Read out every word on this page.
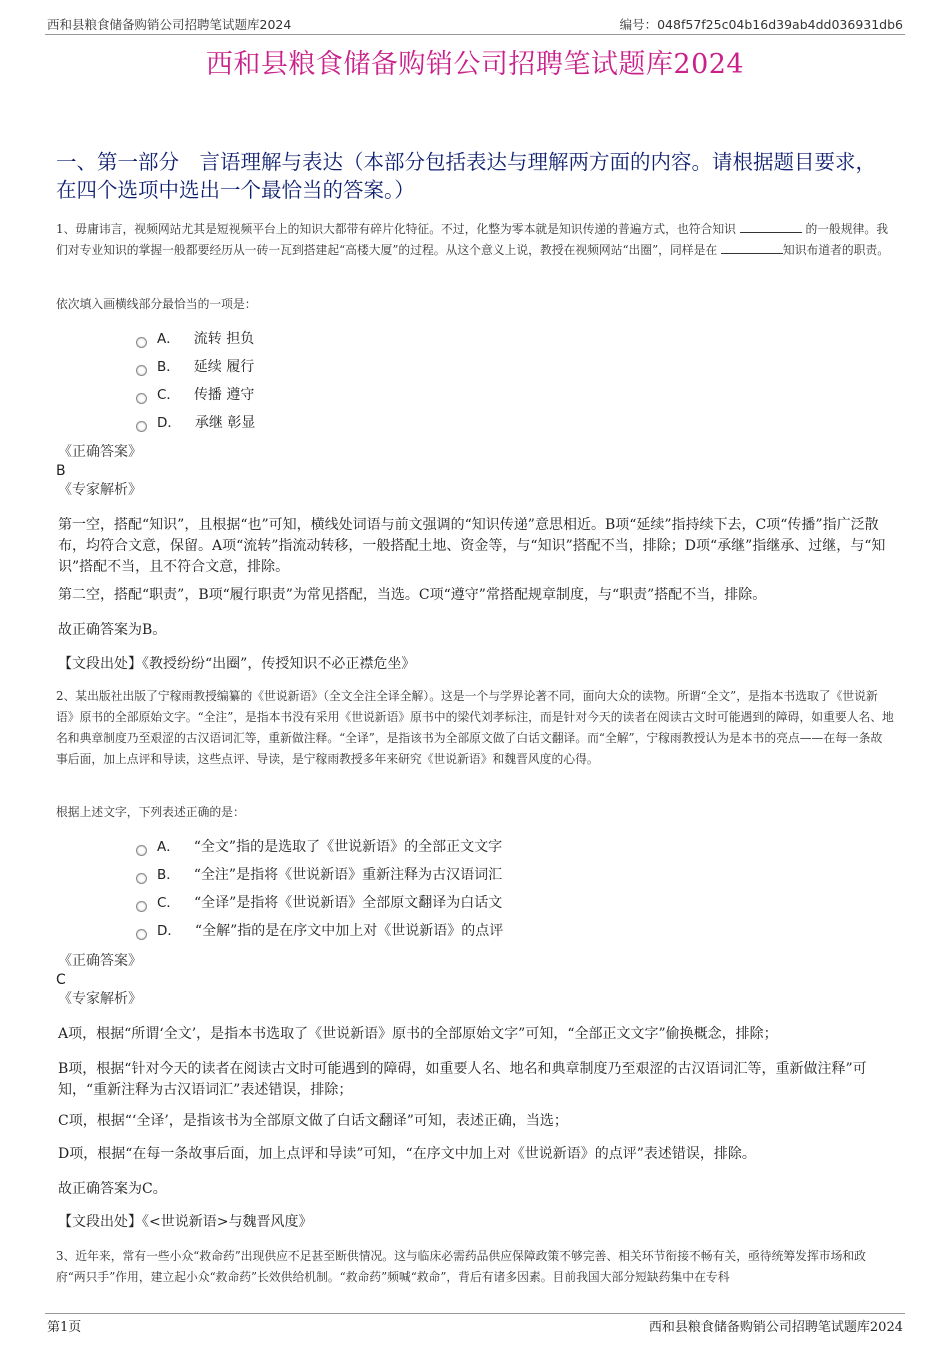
西和县粮食储备购销公司招聘笔试题库2024	编号：048f57f25c04b16d39ab4dd036931db6
西和县粮食储备购销公司招聘笔试题库2024
一、第一部分　言语理解与表达（本部分包括表达与理解两方面的内容。请根据题目要求，在四个选项中选出一个最恰当的答案。）

1、毋庸讳言，视频网站尤其是短视频平台上的知识大都带有碎片化特征。不过，化整为零本就是知识传递的普遍方式，也符合知识	的一般规律。我们对专业知识的掌握一般都要经历从一砖一瓦到搭建起“高楼大厦”的过程。从这个意义上说，教授在视频网站“出圈”，同样是在	知识布道者的职责。

依次填入画横线部分最恰当的一项是：

A． 流转 担负
B． 延续 履行
C． 传播 遵守
D． 承继 彰显

《正确答案》

B

《专家解析》

第一空，搭配“知识”，且根据“也”可知，横线处词语与前文强调的“知识传递”意思相近。B项“延续”指持续下去，C项“传播”指广泛散布，均符合文意，保留。A项“流转”指流动转移，一般搭配土地、资金等，与“知识”搭配不当，排除；D项“承继”指继承、过继，与“知识”搭配不当，且不符合文意，排除。

第二空，搭配“职责”，B项“履行职责”为常见搭配，当选。C项“遵守”常搭配规章制度，与“职责”搭配不当，排除。

故正确答案为B。

【文段出处】《教授纷纷“出圈”，传授知识不必正襟危坐》

2、某出版社出版了宁稼雨教授编纂的《世说新语》（全文全注全译全解）。这是一个与学界论著不同，面向大众的读物。所谓“全文”，是指本书选取了《世说新语》原书的全部原始文字。“全注”，是指本书没有采用《世说新语》原书中的梁代刘孝标注，而是针对今天的读者在阅读古文时可能遇到的障碍，如重要人名、地名和典章制度乃至艰涩的古汉语词汇等，重新做注释。“全译”，是指该书为全部原文做了白话文翻译。而“全解”，宁稼雨教授认为是本书的亮点——在每一条故事后面，加上点评和导读，这些点评、导读，是宁稼雨教授多年来研究《世说新语》和魏晋风度的心得。

根据上述文字，下列表述正确的是：

A． “全文”指的是选取了《世说新语》的全部正文文字
B． “全注”是指将《世说新语》重新注释为古汉语词汇
C． “全译”是指将《世说新语》全部原文翻译为白话文
D． “全解”指的是在序文中加上对《世说新语》的点评

《正确答案》

C

《专家解析》

A项，根据“所谓‘全文’，是指本书选取了《世说新语》原书的全部原始文字”可知，“全部正文文字”偷换概念，排除；

B项，根据“针对今天的读者在阅读古文时可能遇到的障碍，如重要人名、地名和典章制度乃至艰涩的古汉语词汇等，重新做注释”可知，“重新注释为古汉语词汇”表述错误，排除；

C项，根据“‘全译’，是指该书为全部原文做了白话文翻译”可知，表述正确，当选；

D项，根据“在每一条故事后面，加上点评和导读”可知，“在序文中加上对《世说新语》的点评”表述错误，排除。

故正确答案为C。

【文段出处】《<世说新语>与魏晋风度》

3、近年来，常有一些小众“救命药”出现供应不足甚至断供情况。这与临床必需药品供应保障政策不够完善、相关环节衔接不畅有关，亟待统筹发挥市场和政府“两只手”作用，建立起小众“救命药”长效供给机制。“救命药”频喊“救命”，背后有诸多因素。目前我国大部分短缺药集中在专科

第1页	西和县粮食储备购销公司招聘笔试题库2024
